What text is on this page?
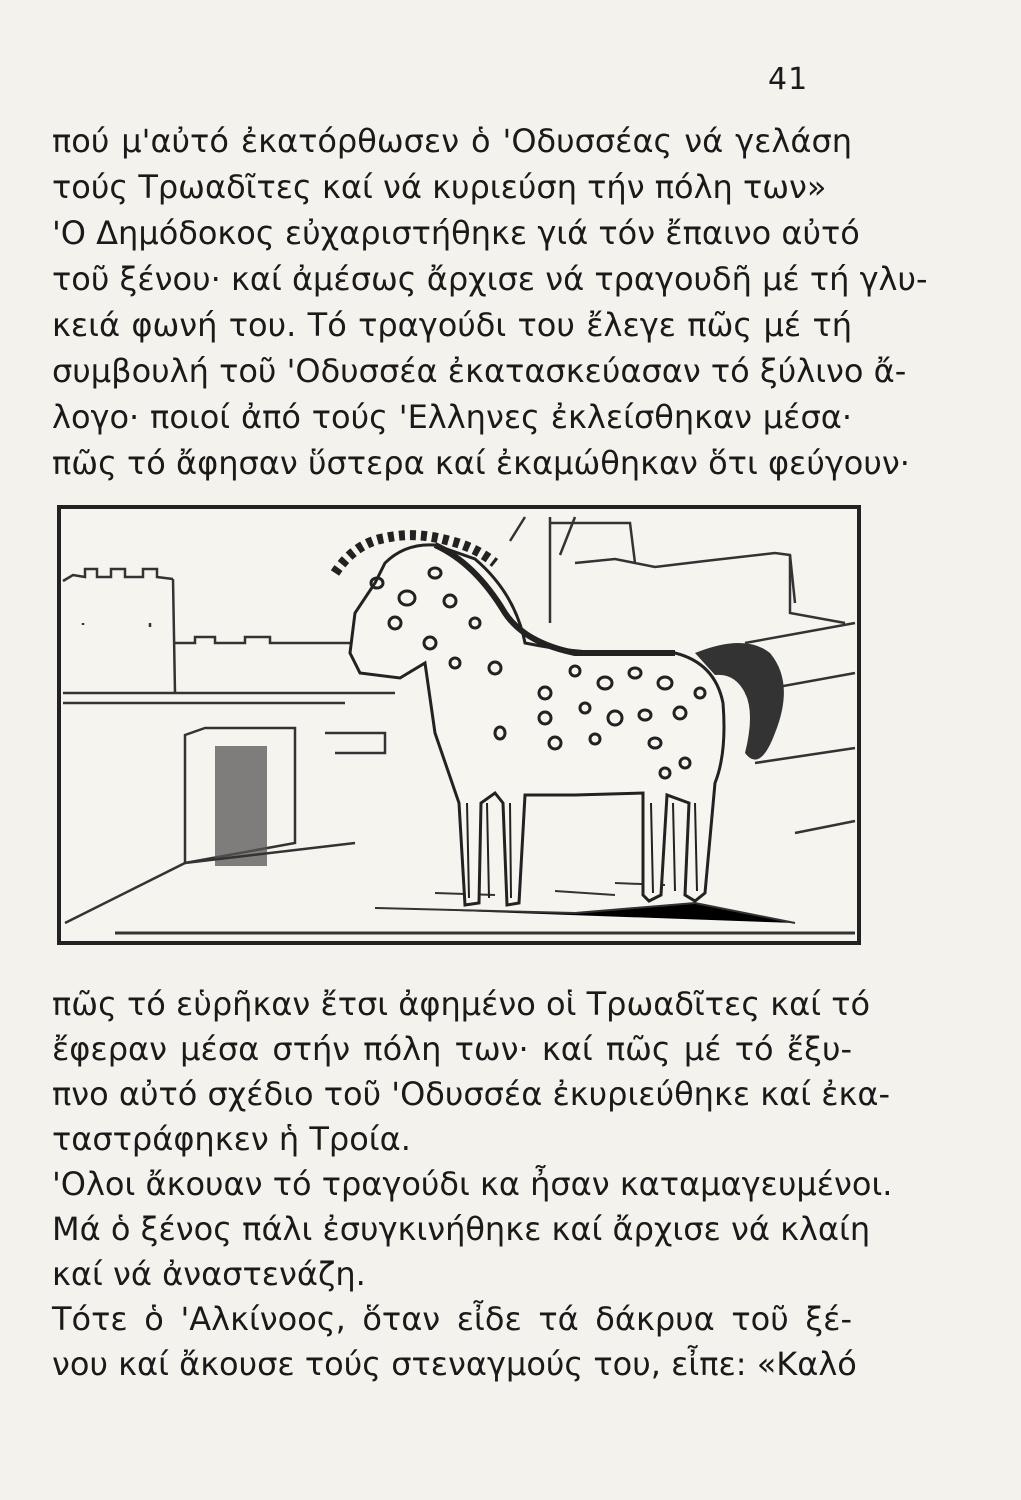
41
πού μ'αὐτό ἐκατόρθωσεν ὁ 'Οδυσσέας νά γελάση
τούς Τρωαδῖτες καί νά κυριεύση τήν πόλη των»
'Ο Δημόδοκος εὐχαριστήθηκε γιά τόν ἔπαινο αὐτό
τοῦ ξένου· καί ἀμέσως ἄρχισε νά τραγουδῆ μέ τή γλυ-
κειά φωνή του. Τό τραγούδι του ἔλεγε πῶς μέ τή
συμβουλή τοῦ 'Οδυσσέα ἐκατασκεύασαν τό ξύλινο ἄ-
λογο· ποιοί ἀπό τούς 'Ελληνες ἐκλείσθηκαν μέσα·
πῶς τό ἄφησαν ὕστερα καί ἐκαμώθηκαν ὅτι φεύγουν·
πῶς τό εὑρῆκαν ἔτσι ἀφημένο οἱ Τρωαδῖτες καί τό
ἔφεραν μέσα στήν πόλη των· καί πῶς μέ τό ἔξυ-
πνο αὐτό σχέδιο τοῦ 'Οδυσσέα ἐκυριεύθηκε καί ἐκα-
ταστράφηκεν ἡ Τροία.
'Ολοι ἄκουαν τό τραγούδι κα ἦσαν καταμαγευμένοι.
Μά ὁ ξένος πάλι ἐσυγκινήθηκε καί ἄρχισε νά κλαίη
καί νά ἀναστενάζη.
Τότε ὁ 'Αλκίνοος, ὅταν εἶδε τά δάκρυα τοῦ ξέ-
νου καί ἄκουσε τούς στεναγμούς του, εἶπε: «Καλό
